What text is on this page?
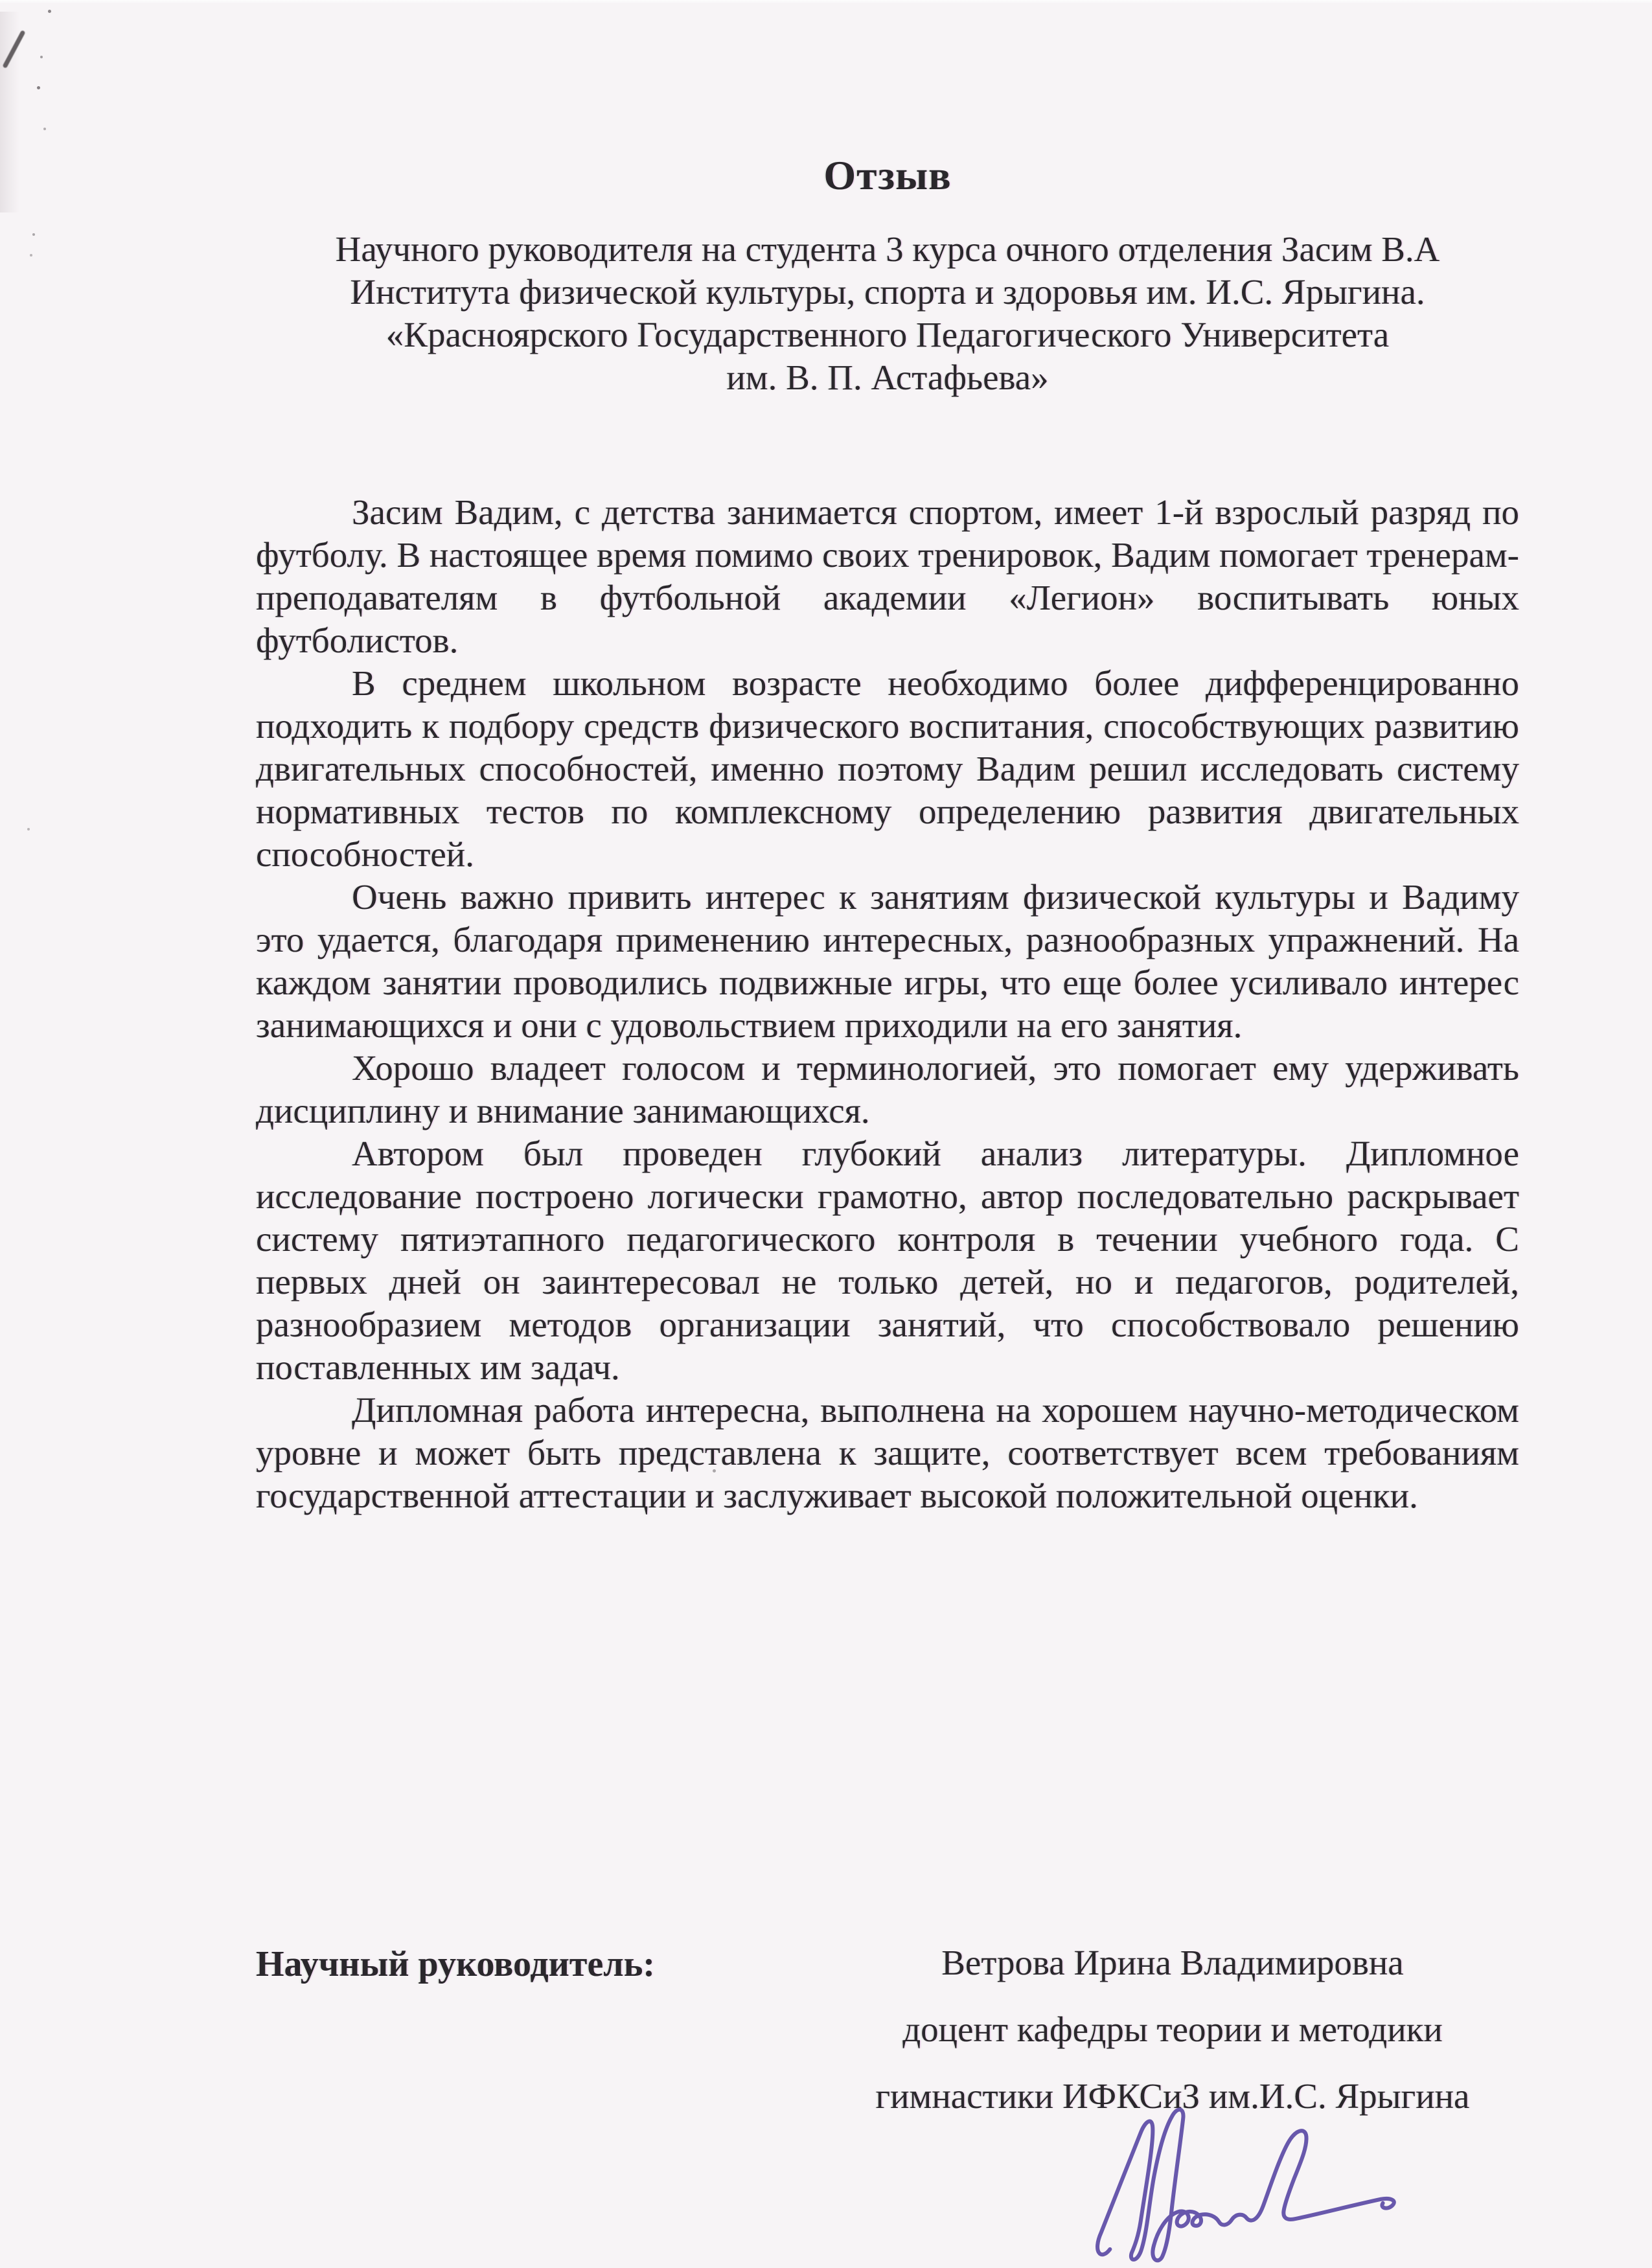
Отзыв
Научного руководителя на студента 3 курса очного отделения Засим В.А
Института физической культуры, спорта и здоровья им. И.С. Ярыгина.
«Красноярского Государственного Педагогического Университета
им. В. П. Астафьева»

Засим Вадим, с детства занимается спортом, имеет 1-й взрослый разряд по футболу. В настоящее время помимо своих тренировок, Вадим помогает тренерам-преподавателям в футбольной академии «Легион» воспитывать юных футболистов.

В среднем школьном возрасте необходимо более дифференцированно подходить к подбору средств физического воспитания, способствующих развитию двигательных способностей, именно поэтому Вадим решил исследовать систему нормативных тестов по комплексному определению развития двигательных способностей.

Очень важно привить интерес к занятиям физической культуры и Вадиму это удается, благодаря применению интересных, разнообразных упражнений. На каждом занятии проводились подвижные игры, что еще более усиливало интерес занимающихся и они с удовольствием приходили на его занятия.

Хорошо владеет голосом и терминологией, это помогает ему удерживать дисциплину и внимание занимающихся.

Автором был проведен глубокий анализ литературы. Дипломное исследование построено логически грамотно, автор последовательно раскрывает систему пятиэтапного педагогического контроля в течении учебного года. С первых дней он заинтересовал не только детей, но и педагогов, родителей, разнообразием методов организации занятий, что способствовало решению поставленных им задач.

Дипломная работа интересна, выполнена на хорошем научно-методическом уровне и может быть представлена к защите, соответствует всем требованиям государственной аттестации и заслуживает высокой положительной оценки.

Научный руководитель:	Ветрова Ирина Владимировна
доцент кафедры теории и методики
гимнастики ИФКСиЗ им.И.С. Ярыгина
